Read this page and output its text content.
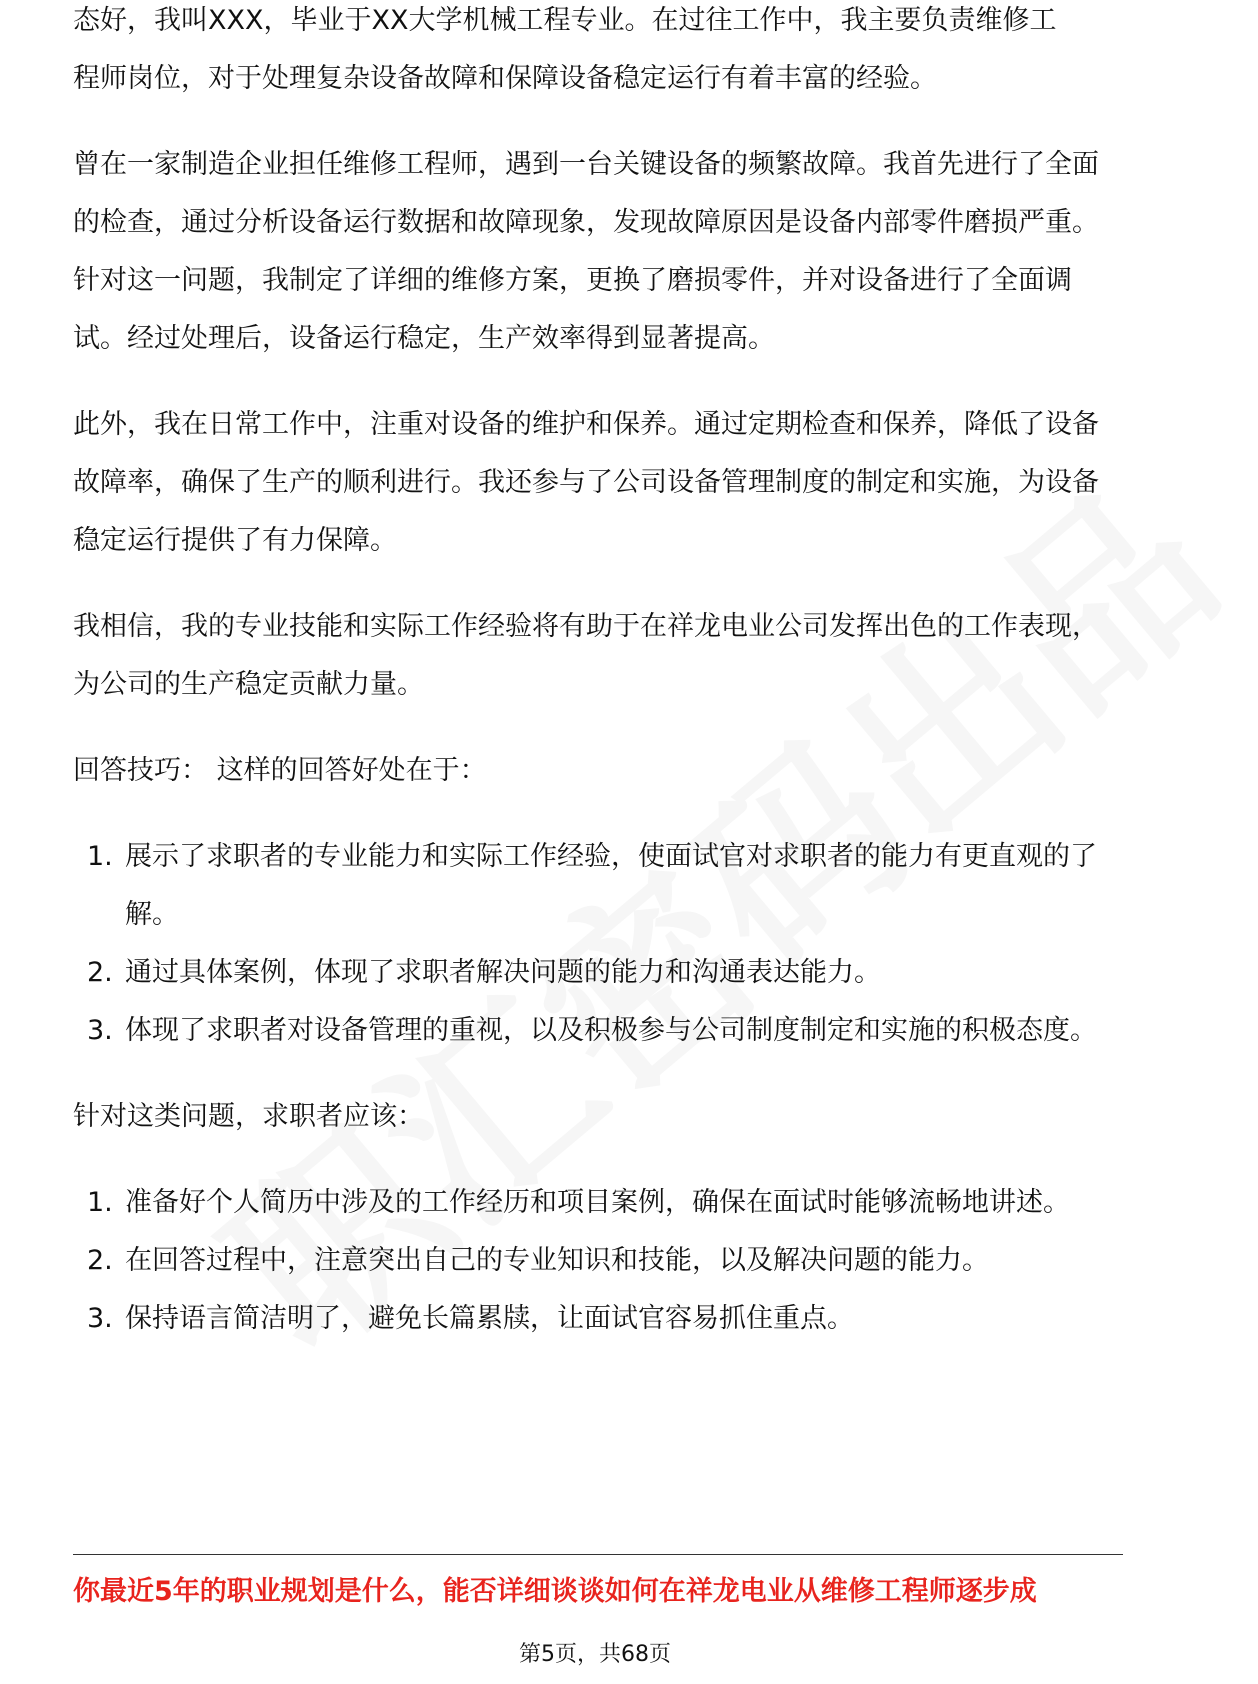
态好，我叫XXX，毕业于XX大学机械工程专业。在过往工作中，我主要负责维修工

程师岗位，对于处理复杂设备故障和保障设备稳定运行有着丰富的经验。

曾在一家制造企业担任维修工程师，遇到一台关键设备的频繁故障。我首先进行了全面的检查，通过分析设备运行数据和故障现象，发现故障原因是设备内部零件磨损严重。针对这一问题，我制定了详细的维修方案，更换了磨损零件，并对设备进行了全面调试。经过处理后，设备运行稳定，生产效率得到显著提高。

此外，我在日常工作中，注重对设备的维护和保养。通过定期检查和保养，降低了设备故障率，确保了生产的顺利进行。我还参与了公司设备管理制度的制定和实施，为设备稳定运行提供了有力保障。

我相信，我的专业技能和实际工作经验将有助于在祥龙电业公司发挥出色的工作表现，为公司的生产稳定贡献力量。

回答技巧： 这样的回答好处在于：

1. 展示了求职者的专业能力和实际工作经验，使面试官对求职者的能力有更直观的了解。
2. 通过具体案例，体现了求职者解决问题的能力和沟通表达能力。
3. 体现了求职者对设备管理的重视，以及积极参与公司制度制定和实施的积极态度。

针对这类问题，求职者应该：

1. 准备好个人简历中涉及的工作经历和项目案例，确保在面试时能够流畅地讲述。
2. 在回答过程中，注意突出自己的专业知识和技能，以及解决问题的能力。
3. 保持语言简洁明了，避免长篇累牍，让面试官容易抓住重点。
你最近5年的职业规划是什么，能否详细谈谈如何在祥龙电业从维修工程师逐步成
第5页，共68页
